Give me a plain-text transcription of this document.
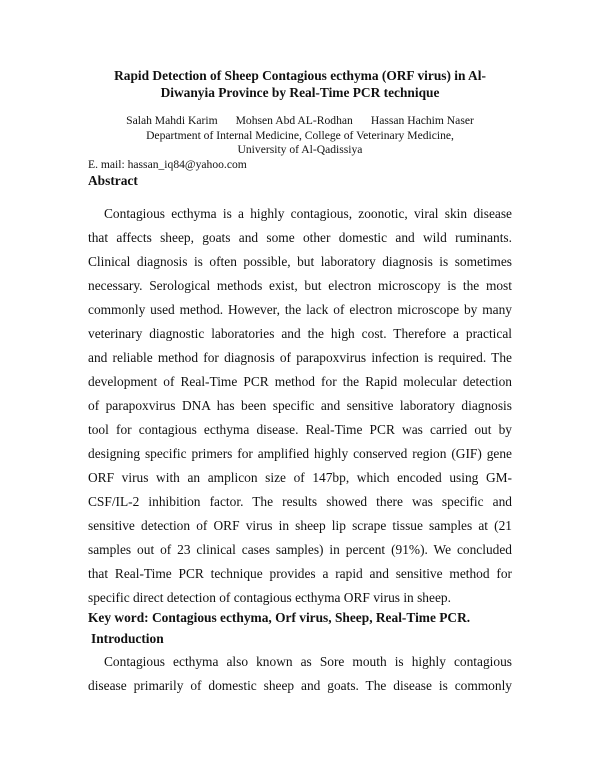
Rapid Detection of Sheep Contagious ecthyma (ORF virus) in Al-
Diwanyia Province by Real-Time PCR technique
Salah Mahdi Karim Mohsen Abd AL-Rodhan Hassan Hachim Naser
Department of Internal Medicine, College of Veterinary Medicine,
University of Al-Qadissiya
E. mail: hassan_iq84@yahoo.com
Abstract
Contagious ecthyma is a highly contagious, zoonotic, viral skin disease
that affects sheep, goats and some other domestic and wild ruminants.
Clinical diagnosis is often possible, but laboratory diagnosis is sometimes
necessary. Serological methods exist, but electron microscopy is the most
commonly used method. However, the lack of electron microscope by many
veterinary diagnostic laboratories and the high cost. Therefore a practical
and reliable method for diagnosis of parapoxvirus infection is required. The
development of Real-Time PCR method for the Rapid molecular detection
of parapoxvirus DNA has been specific and sensitive laboratory diagnosis
tool for contagious ecthyma disease. Real-Time PCR was carried out by
designing specific primers for amplified highly conserved region (GIF) gene
ORF virus with an amplicon size of 147bp, which encoded using GM-
CSF/IL-2 inhibition factor. The results showed there was specific and
sensitive detection of ORF virus in sheep lip scrape tissue samples at (21
samples out of 23 clinical cases samples) in percent (91%). We concluded
that Real-Time PCR technique provides a rapid and sensitive method for
specific direct detection of contagious ecthyma ORF virus in sheep.
Key word: Contagious ecthyma, Orf virus, Sheep, Real-Time PCR.
Introduction
Contagious ecthyma also known as Sore mouth is highly contagious
disease primarily of domestic sheep and goats. The disease is commonly
